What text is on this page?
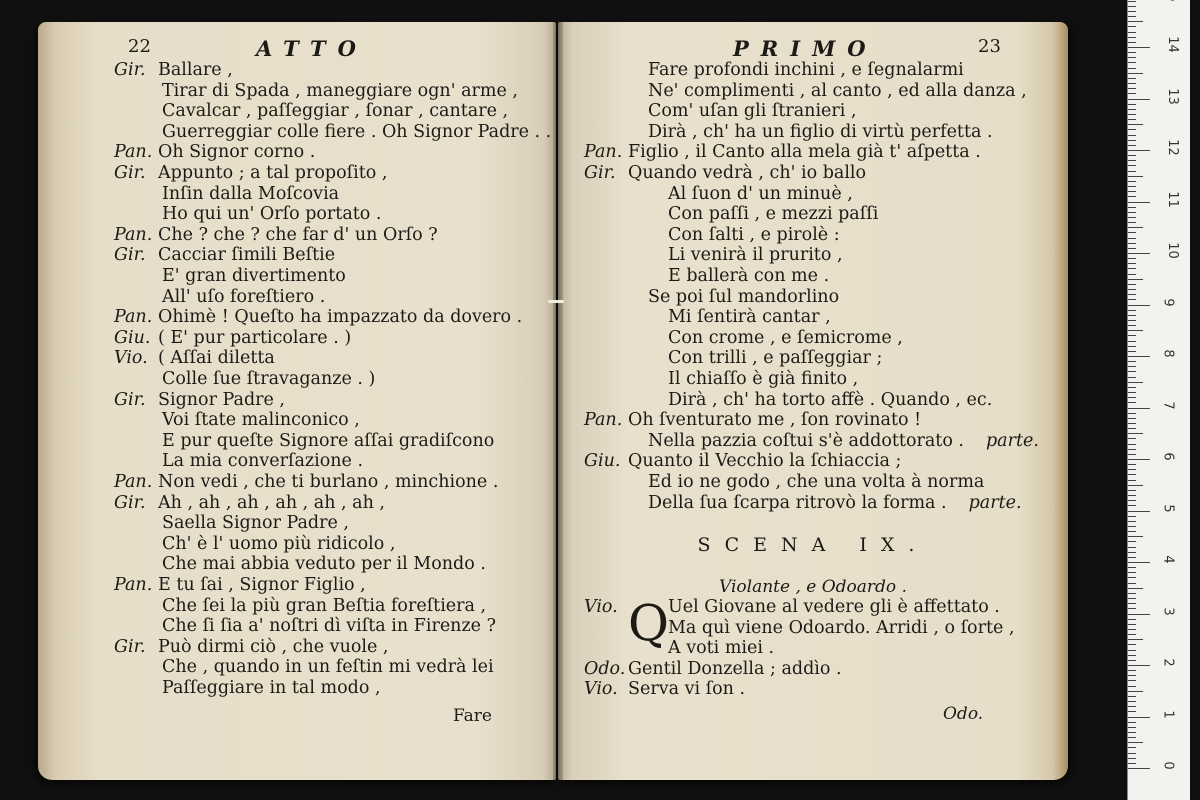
22	ATTO
Gir. Ballare ,
Tirar di Spada , maneggiare ogn' arme ,
Cavalcar , paſſeggiar , ſonar , cantare ,
Guerreggiar colle fiere . Oh Signor Padre . .
Pan. Oh Signor corno .
Gir. Appunto ; a tal propoſito ,
Inſin dalla Moſcovia
Ho qui un' Orſo portato .
Pan. Che ? che ? che far d' un Orſo ?
Gir. Cacciar ſimili Beſtie
E' gran divertimento
All' uſo foreſtiero .
Pan. Ohimè ! Queſto ha impazzato da dovero .
Giu. ( E' pur particolare . )
Vio. ( Aſſai diletta
Colle ſue ſtravaganze . )
Gir. Signor Padre ,
Voi ſtate malinconico ,
E pur queſte Signore aſſai gradiſcono
La mia converſazione .
Pan. Non vedi , che ti burlano , minchione .
Gir. Ah , ah , ah , ah , ah , ah ,
Saella Signor Padre ,
Ch' è l' uomo più ridicolo ,
Che mai abbia veduto per il Mondo .
Pan. E tu ſai , Signor Figlio ,
Che ſei la più gran Beſtia foreſtiera ,
Che ſi ſia a' noſtri dì viſta in Firenze ?
Gir. Può dirmi ciò , che vuole ,
Che , quando in un feſtin mi vedrà lei
Paſſeggiare in tal modo ,
Fare
PRIMO	23
Fare profondi inchini , e ſegnalarmi
Ne' complimenti , al canto , ed alla danza ,
Com' uſan gli ſtranieri ,
Dirà , ch' ha un figlio di virtù perfetta .
Pan. Figlio , il Canto alla mela già t' aſpetta .
Gir. Quando vedrà , ch' io ballo
Al ſuon d' un minuè ,
Con paſſi , e mezzi paſſi
Con ſalti , e pirolè :
Li venirà il prurito ,
E ballerà con me .
Se poi ſul mandorlino
Mi ſentirà cantar ,
Con crome , e ſemicrome ,
Con trilli , e paſſeggiar ;
Il chiaſſo è già finito ,
Dirà , ch' ha torto affè . Quando , ec.
Pan. Oh ſventurato me , ſon rovinato !
Nella pazzia coſtui s'è addottorato . parte.
Giu. Quanto il Vecchio la ſchiaccia ;
Ed io ne godo , che una volta à norma
Della ſua ſcarpa ritrovò la forma . parte.
SCENA IX.
Violante , e Odoardo .
Q
Vio.	Uel Giovane al vedere gli è affettato .
Ma quì viene Odoardo. Arridi , o ſorte ,
A voti miei .
Odo. Gentil Donzella ; addìo .
Vio. Serva vi ſon .
Odo.
0
1
2
3
4
5
6
7
8
9
10
11
12
13
14
